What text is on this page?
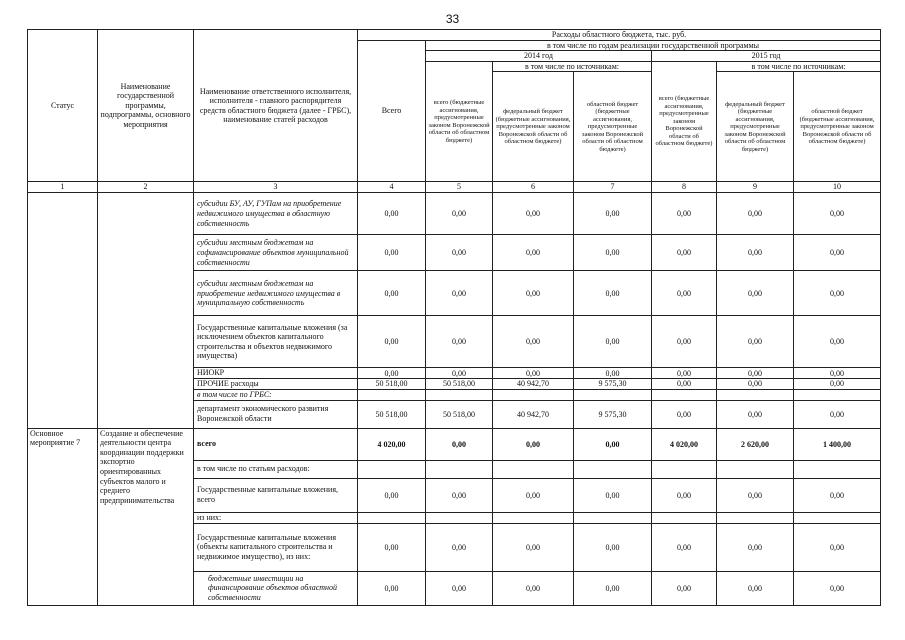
33
Статус	Наименование государственной программы, подпрограммы, основного мероприятия	Наименование ответственного исполнителя, исполнителя - главного распорядителя средств областного бюджета (далее - ГРБС), наименование статей расходов	Расходы областного бюджета, тыс. руб.						
			Всего	в том числе по годам реализации государственной программы					
				2014 год			2015 год		
				всего (бюджетные ассигнования, предусмотренные законом Воронежской области об областном бюджете)	в том числе по источникам:		всего (бюджетные ассигнования, предусмотренные законом Воронежской области об областном бюджете)	в том числе по источникам:	
					федеральный бюджет (бюджетные ассигнования, предусмотренные законом Воронежской области об областном бюджете)	областной бюджет (бюджетные ассигнования, предусмотренные законом Воронежской области об областном бюджете)		федеральный бюджет (бюджетные ассигнования, предусмотренные законом Воронежской области об областном бюджете)	областной бюджет (бюджетные ассигнования, предусмотренные законом Воронежской области об областном бюджете)
1	2	3	4	5	6	7	8	9	10
		субсидии БУ, АУ, ГУПам на приобретение недвижимого имущества в областную собственность	0,00	0,00	0,00	0,00	0,00	0,00	0,00
		субсидии местным бюджетам на софинансирование объектов муниципальной собственности	0,00	0,00	0,00	0,00	0,00	0,00	0,00
		субсидии местным бюджетам на приобретение недвижимого имущества в муниципальную собственность	0,00	0,00	0,00	0,00	0,00	0,00	0,00
		Государственные капитальные вложения (за исключением объектов капитального строительства и объектов недвижимого имущества)	0,00	0,00	0,00	0,00	0,00	0,00	0,00
		НИОКР	0,00	0,00	0,00	0,00	0,00	0,00	0,00
		ПРОЧИЕ расходы	50 518,00	50 518,00	40 942,70	9 575,30	0,00	0,00	0,00
		в том числе по ГРБС:							
		департамент экономического развития Воронежской области	50 518,00	50 518,00	40 942,70	9 575,30	0,00	0,00	0,00
Основное мероприятие 7	Создание и обеспечение деятельности центра координации поддержки экспортно ориентированных субъектов малого и среднего предпринимательства	всего	4 020,00	0,00	0,00	0,00	4 020,00	2 620,00	1 400,00
		в том числе по статьям расходов:							
		Государственные капитальные вложения, всего	0,00	0,00	0,00	0,00	0,00	0,00	0,00
		из них:							
		Государственные капитальные вложения (объекты капитального строительства и недвижимое имущество), из них:	0,00	0,00	0,00	0,00	0,00	0,00	0,00
		бюджетные инвестиции на финансирование объектов областной собственности	0,00	0,00	0,00	0,00	0,00	0,00	0,00
